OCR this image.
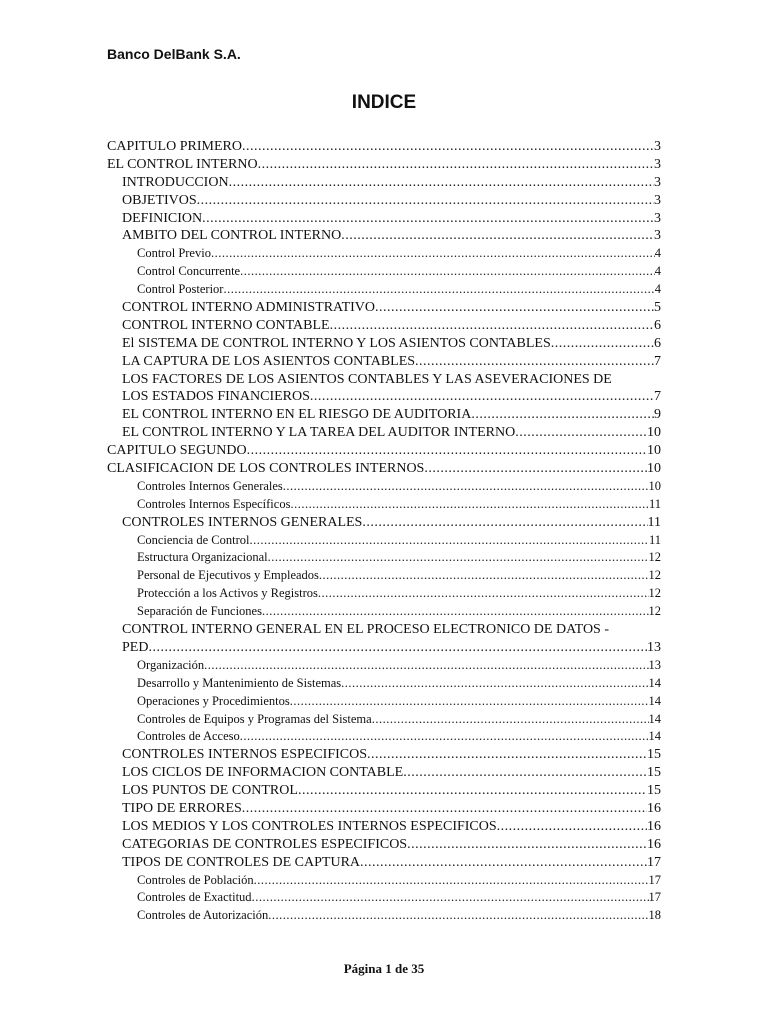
Banco DelBank S.A.
INDICE
CAPITULO PRIMERO .....	3
EL CONTROL INTERNO .....	3
INTRODUCCION .....	3
OBJETIVOS .....	3
DEFINICION .....	3
AMBITO DEL CONTROL INTERNO .....	3
Control Previo .....	4
Control Concurrente .....	4
Control Posterior .....	4
CONTROL INTERNO ADMINISTRATIVO .....	5
CONTROL INTERNO CONTABLE .....	6
El SISTEMA DE CONTROL INTERNO Y LOS ASIENTOS CONTABLES .....	6
LA CAPTURA DE LOS ASIENTOS CONTABLES .....	7
LOS FACTORES DE LOS ASIENTOS CONTABLES Y LAS ASEVERACIONES DE
LOS ESTADOS FINANCIEROS .....	7
EL CONTROL INTERNO EN EL RIESGO DE AUDITORIA .....	9
EL CONTROL INTERNO Y LA TAREA DEL AUDITOR INTERNO .....	10
CAPITULO SEGUNDO .....	10
CLASIFICACION DE LOS CONTROLES INTERNOS .....	10
Controles Internos Generales .....	10
Controles Internos Específicos .....	11
CONTROLES INTERNOS GENERALES .....	11
Conciencia de Control .....	11
Estructura Organizacional .....	12
Personal de Ejecutivos y Empleados .....	12
Protección a los Activos y Registros .....	12
Separación de Funciones .....	12
CONTROL INTERNO GENERAL EN EL PROCESO ELECTRONICO DE DATOS -
PED .....	13
Organización .....	13
Desarrollo y Mantenimiento de Sistemas .....	14
Operaciones y Procedimientos .....	14
Controles de Equipos y Programas del Sistema .....	14
Controles de Acceso .....	14
CONTROLES INTERNOS ESPECIFICOS .....	15
LOS CICLOS DE INFORMACION CONTABLE .....	15
LOS PUNTOS DE CONTROL .....	15
TIPO DE ERRORES .....	16
LOS MEDIOS Y LOS CONTROLES INTERNOS ESPECIFICOS .....	16
CATEGORIAS DE CONTROLES ESPECIFICOS .....	16
TIPOS DE CONTROLES DE CAPTURA .....	17
Controles de Población .....	17
Controles de Exactitud .....	17
Controles de Autorización .....	18
Página 1 de 35
